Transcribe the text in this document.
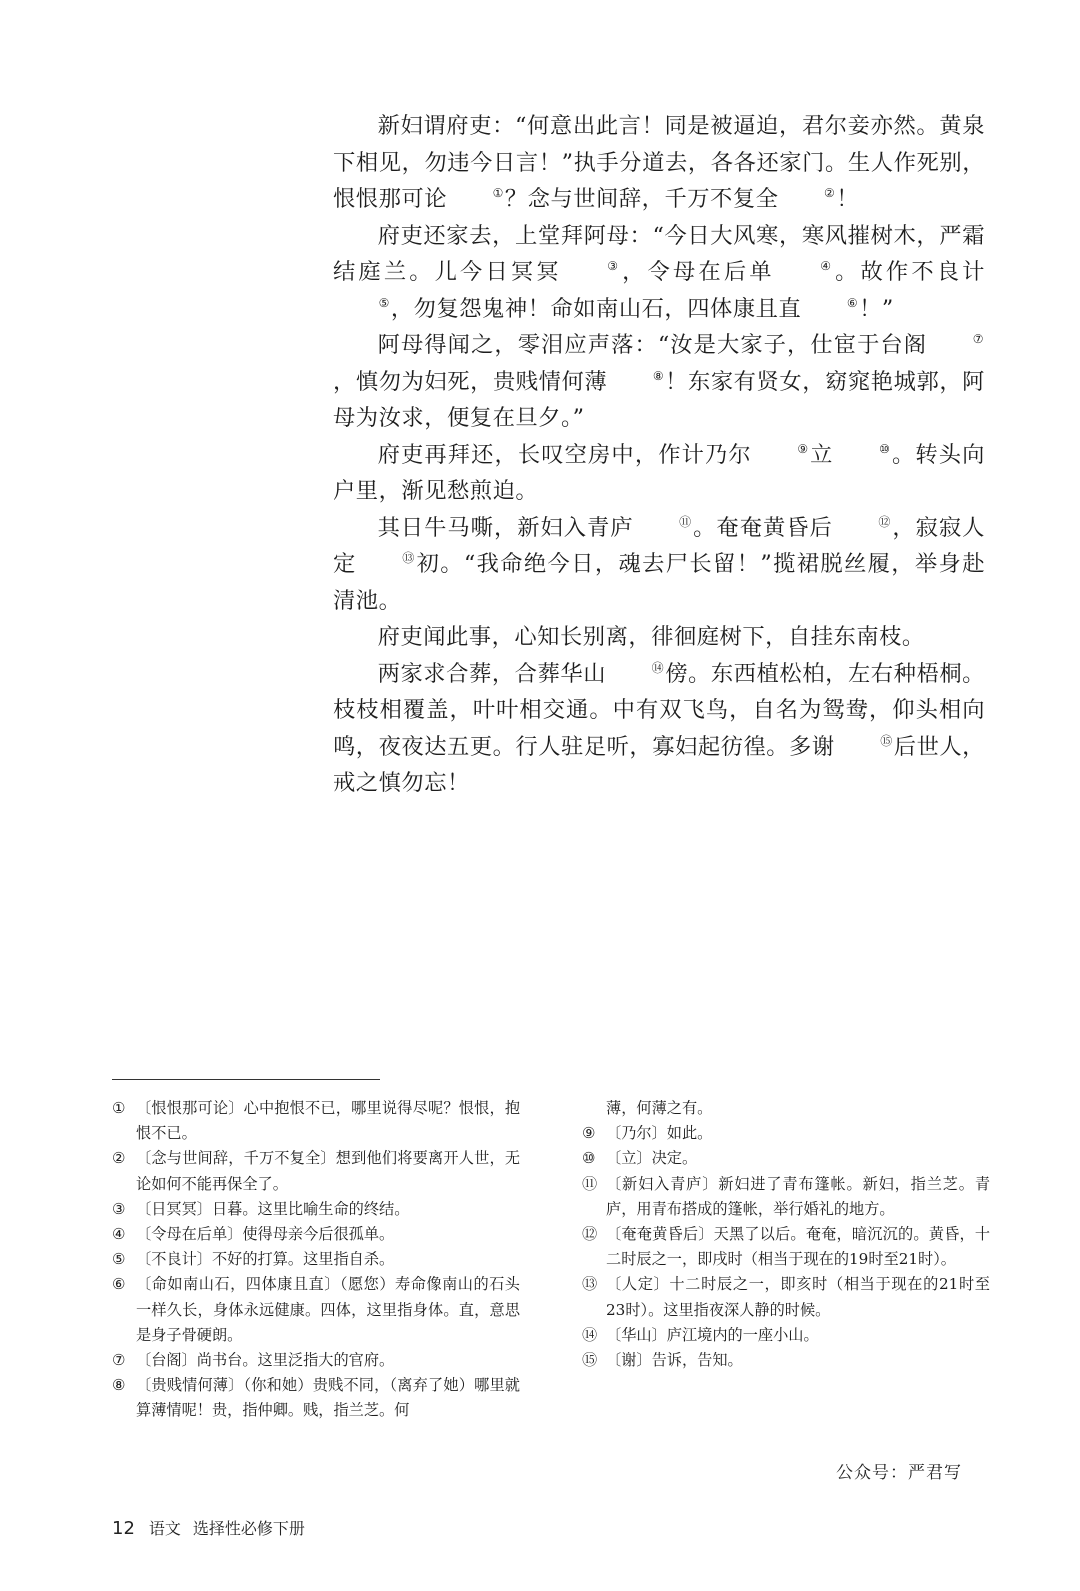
新妇谓府吏：“何意出此言！同是被逼迫，君尔妾亦然。黄泉下相见，勿违今日言！”执手分道去，各各还家门。生人作死别，恨恨那可论	①？念与世间辞，千万不复全	②！

府吏还家去，上堂拜阿母：“今日大风寒，寒风摧树木，严霜结庭兰。儿今日冥冥	③，令母在后单	④。故作不良计⑤，勿复怨鬼神！命如南山石，四体康且直	⑥！”

阿母得闻之，零泪应声落：“汝是大家子，仕宦于台阁	⑦，慎勿为妇死，贵贱情何薄	⑧！东家有贤女，窈窕艳城郭，阿母为汝求，便复在旦夕。”

府吏再拜还，长叹空房中，作计乃尔	⑨立	⑩。转头向户里，渐见愁煎迫。

其日牛马嘶，新妇入青庐	⑪。奄奄黄昏后	⑫，寂寂人定	⑬初。“我命绝今日，魂去尸长留！”揽裙脱丝履，举身赴清池。

府吏闻此事，心知长别离，徘徊庭树下，自挂东南枝。

两家求合葬，合葬华山	⑭傍。东西植松柏，左右种梧桐。枝枝相覆盖，叶叶相交通。中有双飞鸟，自名为鸳鸯，仰头相向鸣，夜夜达五更。行人驻足听，寡妇起彷徨。多谢	⑮后世人，戒之慎勿忘！

① 〔恨恨那可论〕心中抱恨不已，哪里说得尽呢？恨恨，抱恨不已。
② 〔念与世间辞，千万不复全〕想到他们将要离开人世，无论如何不能再保全了。
③ 〔日冥冥〕日暮。这里比喻生命的终结。
④ 〔令母在后单〕使得母亲今后很孤单。
⑤ 〔不良计〕不好的打算。这里指自杀。
⑥ 〔命如南山石，四体康且直〕（愿您）寿命像南山的石头一样久长，身体永远健康。四体，这里指身体。直，意思是身子骨硬朗。
⑦ 〔台阁〕尚书台。这里泛指大的官府。
⑧ 〔贵贱情何薄〕（你和她）贵贱不同，（离弃了她）哪里就算薄情呢！贵，指仲卿。贱，指兰芝。何
薄，何薄之有。
⑨ 〔乃尔〕如此。
⑩ 〔立〕决定。
⑪ 〔新妇入青庐〕新妇进了青布篷帐。新妇，指兰芝。青庐，用青布搭成的篷帐，举行婚礼的地方。
⑫ 〔奄奄黄昏后〕天黑了以后。奄奄，暗沉沉的。黄昏，十二时辰之一，即戌时（相当于现在的19时至21时）。
⑬ 〔人定〕十二时辰之一，即亥时（相当于现在的21时至23时）。这里指夜深人静的时候。
⑭ 〔华山〕庐江境内的一座小山。
⑮ 〔谢〕告诉，告知。
公众号：严君写
12 语文 选择性必修下册
